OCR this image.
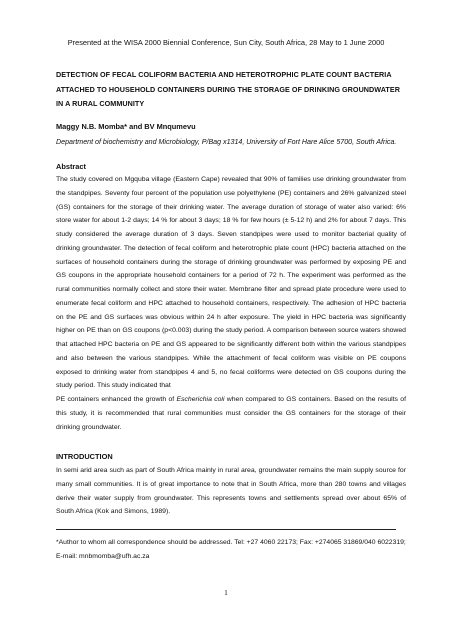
Presented at the WISA 2000 Biennial Conference, Sun City, South Africa, 28 May to 1 June 2000
DETECTION OF FECAL COLIFORM BACTERIA AND HETEROTROPHIC PLATE COUNT BACTERIA ATTACHED TO HOUSEHOLD CONTAINERS DURING THE STORAGE OF DRINKING GROUNDWATER IN A RURAL COMMUNITY
Maggy N.B. Momba* and BV Mnqumevu
Department of biochemistry and Microbiology, P/Bag x1314, University of Fort Hare Alice 5700, South Africa.
Abstract

The study covered on Mgquba village (Eastern Cape) revealed that 90% of families use drinking groundwater from the standpipes. Seventy four percent of the population use polyethylene (PE) containers and 26% galvanized steel (GS) containers for the storage of their drinking water. The average duration of storage of water also varied: 6% store water for about 1-2 days; 14 % for about 3 days; 18 % for few hours (± 5-12 h) and 2% for about 7 days. This study considered the average duration of 3 days. Seven standpipes were used to monitor bacterial quality of drinking groundwater. The detection of fecal coliform and heterotrophic plate count (HPC) bacteria attached on the surfaces of household containers during the storage of drinking groundwater was performed by exposing PE and GS coupons in the appropriate household containers for a period of 72 h. The experiment was performed as the rural communities normally collect and store their water. Membrane filter and spread plate procedure were used to enumerate fecal coliform and HPC attached to household containers, respectively. The adhesion of HPC bacteria on the PE and GS surfaces was obvious within 24 h after exposure. The yield in HPC bacteria was significantly higher on PE than on GS coupons (p<0.003) during the study period. A comparison between source waters showed that attached HPC bacteria on PE and GS appeared to be significantly different both within the various standpipes and also between the various standpipes. While the attachment of fecal coliform was visible on PE coupons exposed to drinking water from standpipes 4 and 5, no fecal coliforms were detected on GS coupons during the study period. This study indicated that

PE containers enhanced the growth of Escherichia coli when compared to GS containers. Based on the results of this study, it is recommended that rural communities must consider the GS containers for the storage of their drinking groundwater.

INTRODUCTION

In semi arid area such as part of South Africa mainly in rural area, groundwater remains the main supply source for many small communities. It is of great importance to note that in South Africa, more than 280 towns and villages derive their water supply from groundwater. This represents towns and settlements spread over about 65% of South Africa (Kok and Simons, 1989).

*Author to whom all correspondence should be addressed. Tel: +27 4060 22173; Fax: +274065 31869/040 6022319; E-mail: mnbmomba@ufh.ac.za

1
